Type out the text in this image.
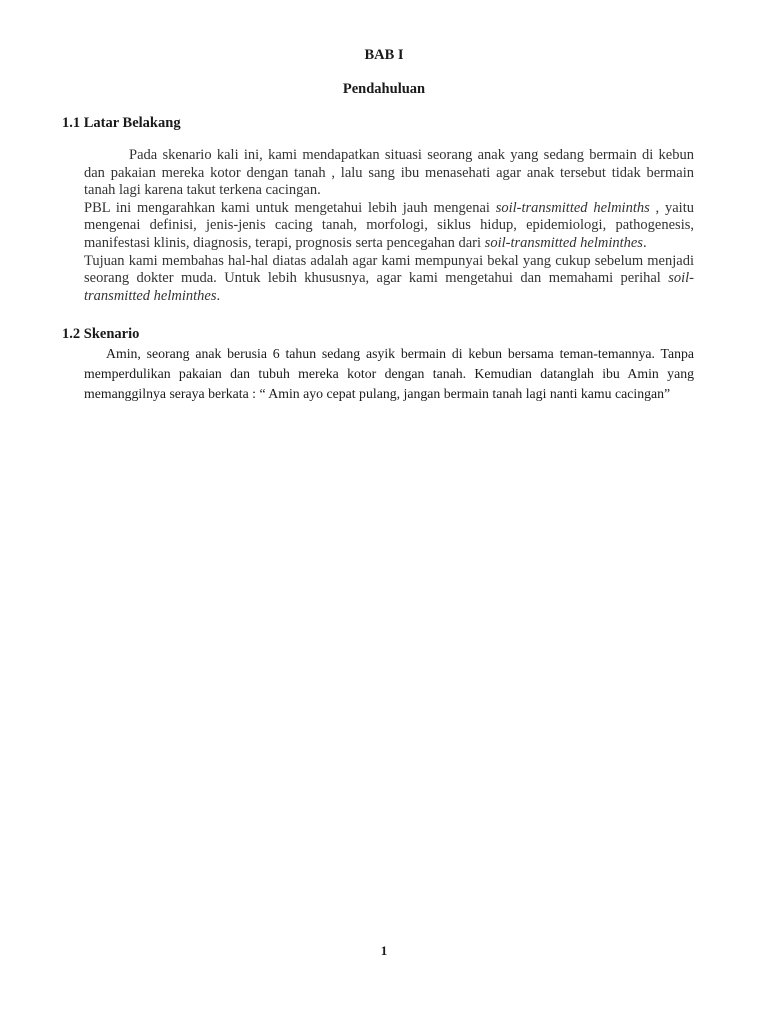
BAB I
Pendahuluan
1.1 Latar Belakang

Pada skenario kali ini, kami mendapatkan situasi seorang anak yang sedang bermain di kebun dan pakaian mereka kotor dengan tanah , lalu sang ibu menasehati agar anak tersebut tidak bermain tanah lagi karena takut terkena cacingan.

PBL ini mengarahkan kami untuk mengetahui lebih jauh mengenai soil-transmitted helminths , yaitu mengenai definisi, jenis-jenis cacing tanah, morfologi, siklus hidup, epidemiologi, pathogenesis, manifestasi klinis, diagnosis, terapi, prognosis serta pencegahan dari soil-transmitted helminthes.

Tujuan kami membahas hal-hal diatas adalah agar kami mempunyai bekal yang cukup sebelum menjadi seorang dokter muda. Untuk lebih khususnya, agar kami mengetahui dan memahami perihal soil-transmitted helminthes.

1.2 Skenario

Amin, seorang anak berusia 6 tahun sedang asyik bermain di kebun bersama teman-temannya. Tanpa memperdulikan pakaian dan tubuh mereka kotor dengan tanah. Kemudian datanglah ibu Amin yang memanggilnya seraya berkata : “ Amin ayo cepat pulang, jangan bermain tanah lagi nanti kamu cacingan”

1
